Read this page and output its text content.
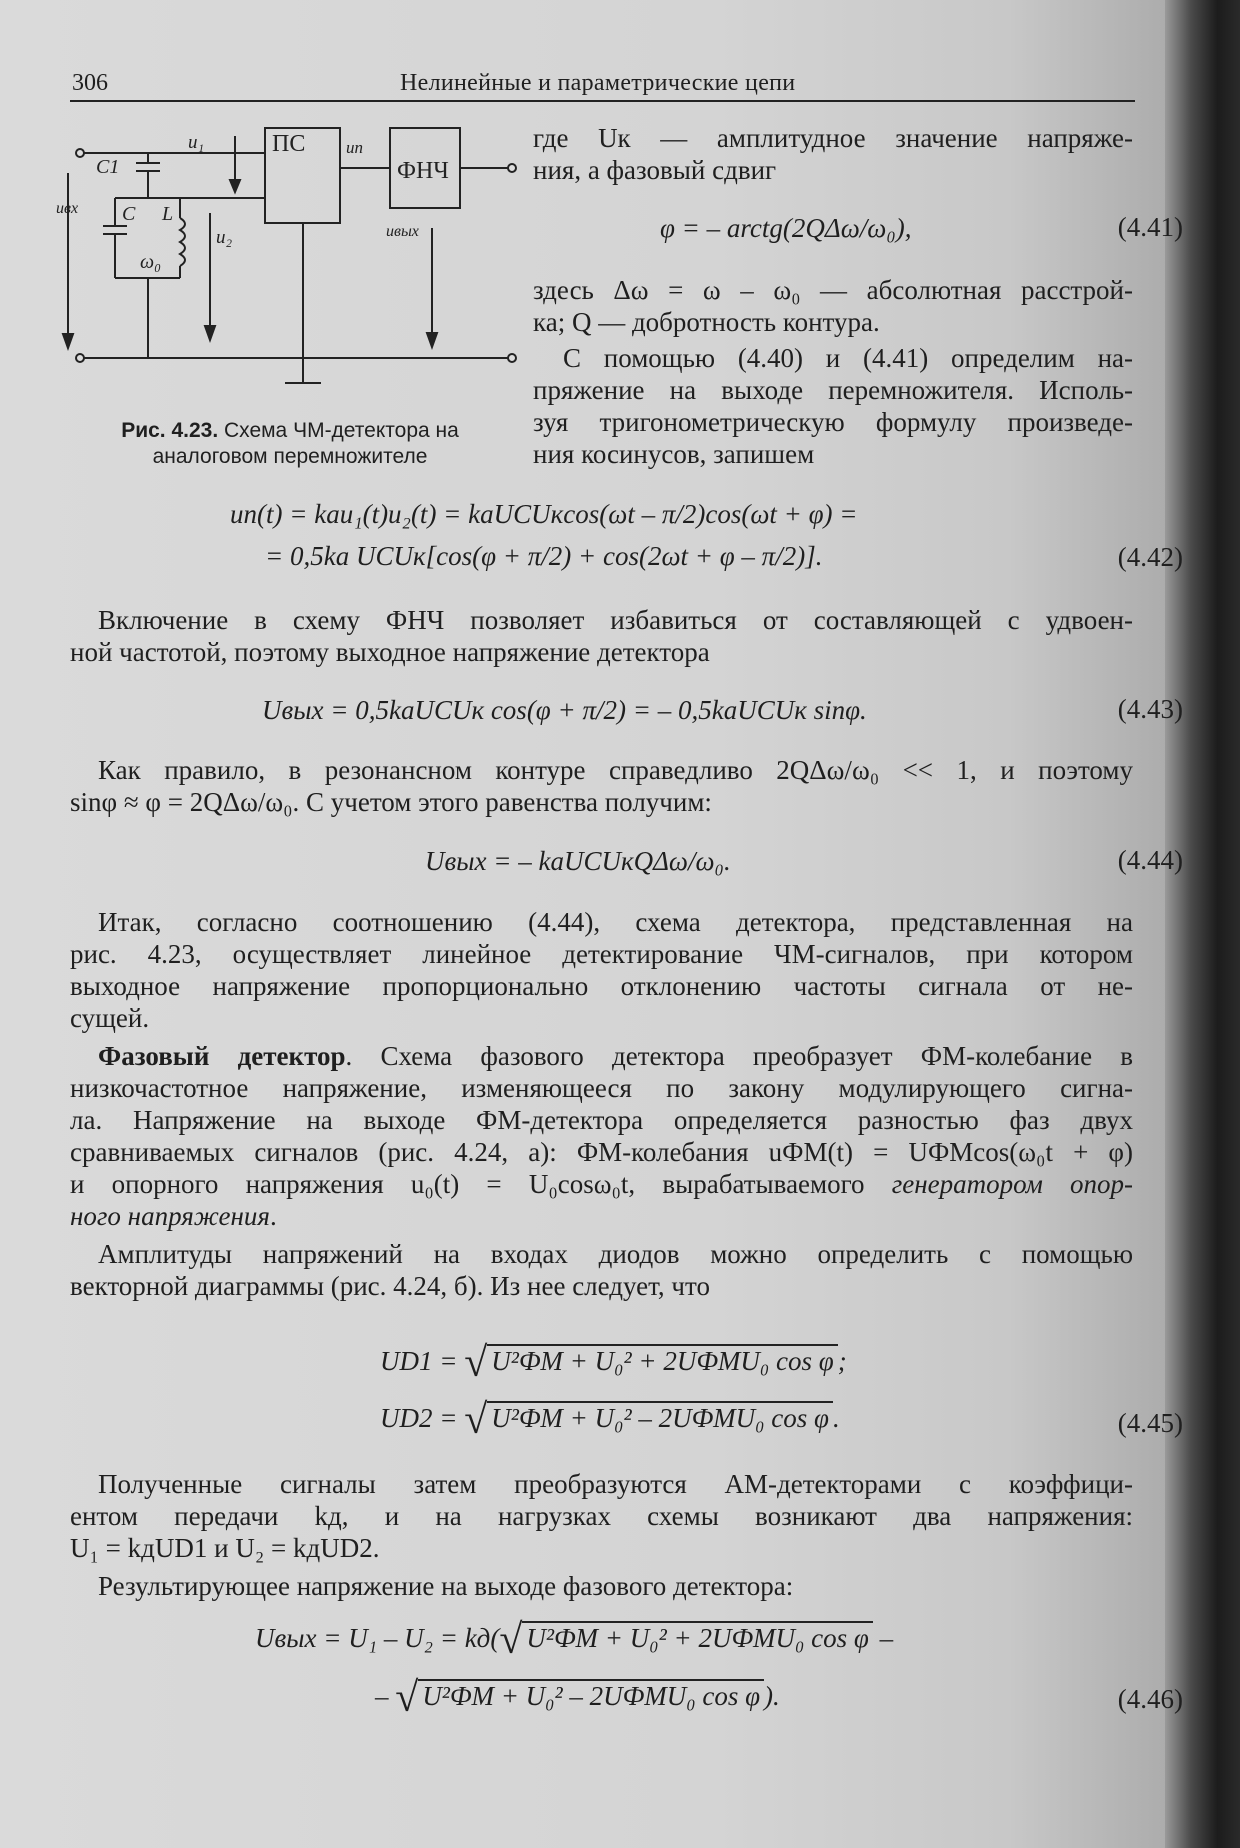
306	Нелинейные и параметрические цепи
ПС
ФНЧ
C1
u₁
u₂
uп
uвх
uвых
C L
ω₀
Рис. 4.23. Схема ЧМ-детектора на аналоговом перемножителе
где Uк — амплитудное значение напряже-
ния, а фазовый сдвиг
φ = – arctg(2QΔω/ω₀),	(4.41)
здесь Δω = ω – ω₀ — абсолютная расстрой-
ка; Q — добротность контура.
С помощью (4.40) и (4.41) определим на-
пряжение на выходе перемножителя. Исполь-
зуя тригонометрическую формулу произведе-
ния косинусов, запишем
uп(t) = kau₁(t)u₂(t) = kaUCUкcos(ωt – π/2)cos(ωt + φ) =
= 0,5ka UCUк[cos(φ + π/2) + cos(2ωt + φ – π/2)].	(4.42)
Включение в схему ФНЧ позволяет избавиться от составляющей с удвоен-
ной частотой, поэтому выходное напряжение детектора
Uвых = 0,5kaUCUк cos(φ + π/2) = – 0,5kaUCUк sinφ.	(4.43)
Как правило, в резонансном контуре справедливо 2QΔω/ω₀ << 1, и поэтому
sinφ ≈ φ = 2QΔω/ω₀. С учетом этого равенства получим:
Uвых = – kaUCUкQΔω/ω₀.	(4.44)
Итак, согласно соотношению (4.44), схема детектора, представленная на
рис. 4.23, осуществляет линейное детектирование ЧМ-сигналов, при котором
выходное напряжение пропорционально отклонению частоты сигнала от не-
сущей.
Фазовый детектор. Схема фазового детектора преобразует ФМ-колебание в
низкочастотное напряжение, изменяющееся по закону модулирующего сигна-
ла. Напряжение на выходе ФМ-детектора определяется разностью фаз двух
сравниваемых сигналов (рис. 4.24, а): ФМ-колебания uФМ(t) = UФМcos(ω₀t + φ)
и опорного напряжения u₀(t) = U₀cosω₀t, вырабатываемого генератором опор-
ного напряжения.
Амплитуды напряжений на входах диодов можно определить с помощью
векторной диаграммы (рис. 4.24, б). Из нее следует, что
UD1 = √ U²ФМ + U₀² + 2UФМU₀ cos φ ;
UD2 = √ U²ФМ + U₀² – 2UФМU₀ cos φ .	(4.45)
Полученные сигналы затем преобразуются АМ-детекторами с коэффици-
ентом передачи kд, и на нагрузках схемы возникают два напряжения:
U₁ = kдUD1 и U₂ = kдUD2.
Результирующее напряжение на выходе фазового детектора:
Uвых = U₁ – U₂ = kд(√ U²ФМ + U₀² + 2UФМU₀ cos φ –
– √ U²ФМ + U₀² – 2UФМU₀ cos φ ).	(4.46)
